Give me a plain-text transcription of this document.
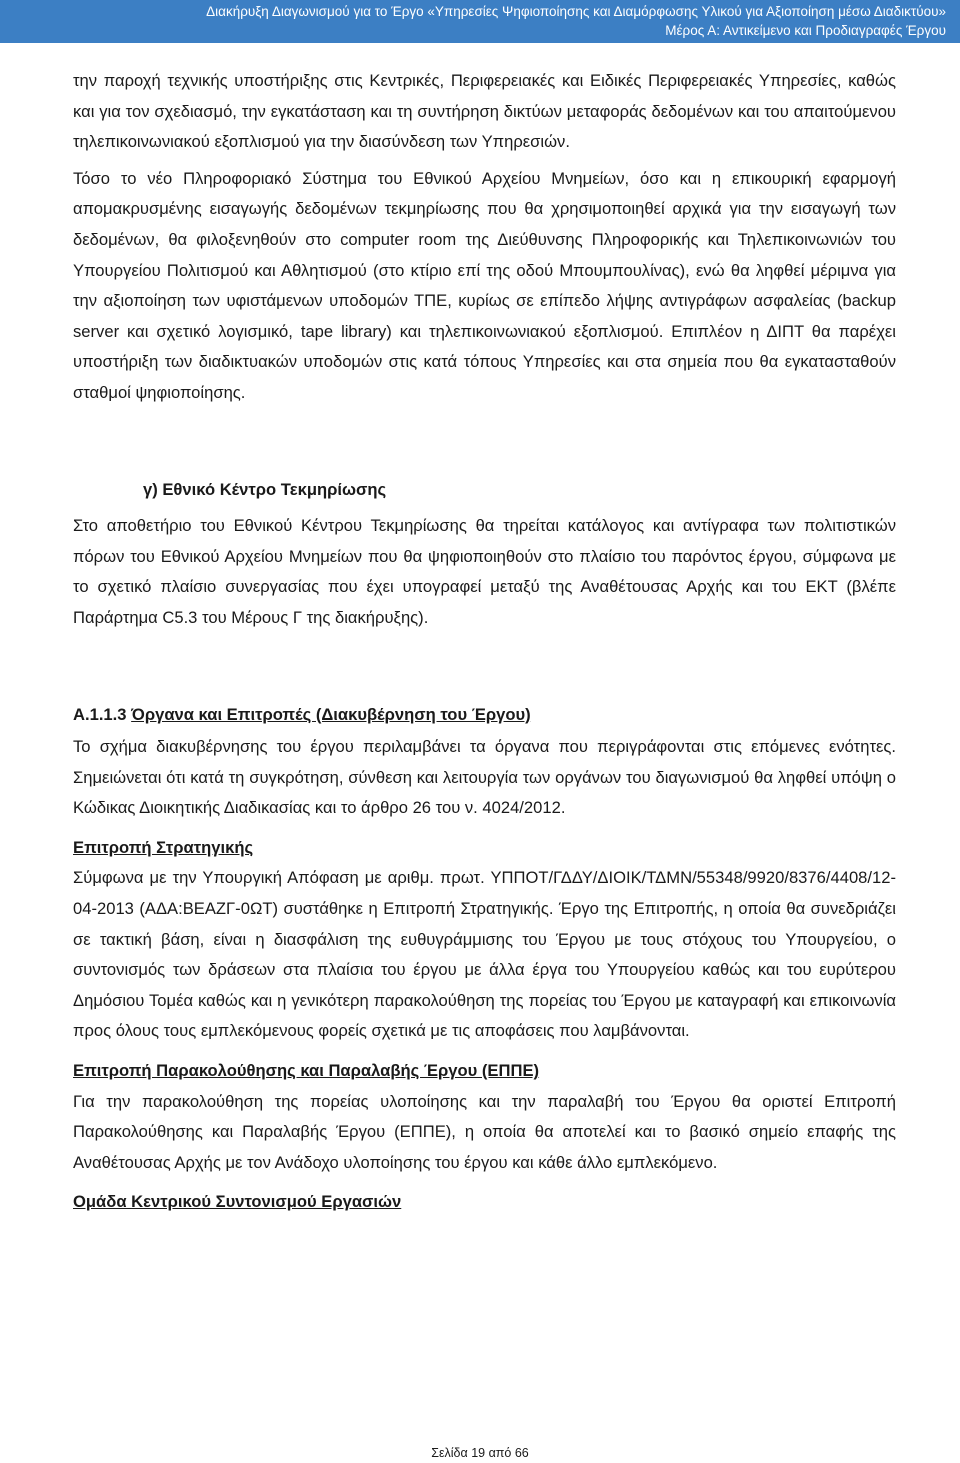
Διακήρυξη Διαγωνισμού για το Έργο «Υπηρεσίες Ψηφιοποίησης και Διαμόρφωσης Υλικού για Αξιοποίηση μέσω Διαδικτύου»
Μέρος Α: Αντικείμενο και Προδιαγραφές Έργου

την παροχή τεχνικής υποστήριξης στις Κεντρικές, Περιφερειακές και Ειδικές Περιφερειακές Υπηρεσίες, καθώς και για τον σχεδιασμό, την εγκατάσταση και τη συντήρηση δικτύων μεταφοράς δεδομένων και του απαιτούμενου τηλεπικοινωνιακού εξοπλισμού για την διασύνδεση των Υπηρεσιών.

Τόσο το νέο Πληροφοριακό Σύστημα του Εθνικού Αρχείου Μνημείων, όσο και η επικουρική εφαρμογή απομακρυσμένης εισαγωγής δεδομένων τεκμηρίωσης που θα χρησιμοποιηθεί αρχικά για την εισαγωγή των δεδομένων, θα φιλοξενηθούν στο computer room της Διεύθυνσης Πληροφορικής και Τηλεπικοινωνιών του Υπουργείου Πολιτισμού και Αθλητισμού (στο κτίριο επί της οδού Μπουμπουλίνας), ενώ θα ληφθεί μέριμνα για την αξιοποίηση των υφιστάμενων υποδομών ΤΠΕ, κυρίως σε επίπεδο λήψης αντιγράφων ασφαλείας (backup server και σχετικό λογισμικό, tape library) και τηλεπικοινωνιακού εξοπλισμού. Επιπλέον η ΔΙΠΤ θα παρέχει υποστήριξη των διαδικτυακών υποδομών στις κατά τόπους Υπηρεσίες και στα σημεία που θα εγκατασταθούν σταθμοί ψηφιοποίησης.

γ) Εθνικό Κέντρο Τεκμηρίωσης

Στο αποθετήριο του Εθνικού Κέντρου Τεκμηρίωσης θα τηρείται κατάλογος και αντίγραφα των πολιτιστικών πόρων του Εθνικού Αρχείου Μνημείων που θα ψηφιοποιηθούν στο πλαίσιο του παρόντος έργου, σύμφωνα με το σχετικό πλαίσιο συνεργασίας που έχει υπογραφεί μεταξύ της Αναθέτουσας Αρχής και του ΕΚΤ (βλέπε Παράρτημα C5.3 του Μέρους Γ της διακήρυξης).

Α.1.1.3 Όργανα και Επιτροπές (Διακυβέρνηση του Έργου)

Το σχήμα διακυβέρνησης του έργου περιλαμβάνει τα όργανα που περιγράφονται στις επόμενες ενότητες. Σημειώνεται ότι κατά τη συγκρότηση, σύνθεση και λειτουργία των οργάνων του διαγωνισμού θα ληφθεί υπόψη ο Κώδικας Διοικητικής Διαδικασίας και το άρθρο 26 του ν. 4024/2012.

Επιτροπή Στρατηγικής

Σύμφωνα με την Υπουργική Απόφαση με αριθμ. πρωτ. ΥΠΠΟΤ/ΓΔΔΥ/ΔΙΟΙΚ/ΤΔΜΝ/55348/9920/8376/4408/12-04-2013 (ΑΔΑ:ΒΕΑΖΓ-0ΩΤ) συστάθηκε η Επιτροπή Στρατηγικής. Έργο της Επιτροπής, η οποία θα συνεδριάζει σε τακτική βάση, είναι η διασφάλιση της ευθυγράμμισης του Έργου με τους στόχους του Υπουργείου, ο συντονισμός των δράσεων στα πλαίσια του έργου με άλλα έργα του Υπουργείου καθώς και του ευρύτερου Δημόσιου Τομέα καθώς και η γενικότερη παρακολούθηση της πορείας του Έργου με καταγραφή και επικοινωνία προς όλους τους εμπλεκόμενους φορείς σχετικά με τις αποφάσεις που λαμβάνονται.

Επιτροπή Παρακολούθησης και Παραλαβής Έργου (ΕΠΠΕ)

Για την παρακολούθηση της πορείας υλοποίησης και την παραλαβή του Έργου θα οριστεί Επιτροπή Παρακολούθησης και Παραλαβής Έργου (ΕΠΠΕ), η οποία θα αποτελεί και το βασικό σημείο επαφής της Αναθέτουσας Αρχής με τον Ανάδοχο υλοποίησης του έργου και κάθε άλλο εμπλεκόμενο.

Ομάδα Κεντρικού Συντονισμού Εργασιών

Σελίδα 19 από 66
